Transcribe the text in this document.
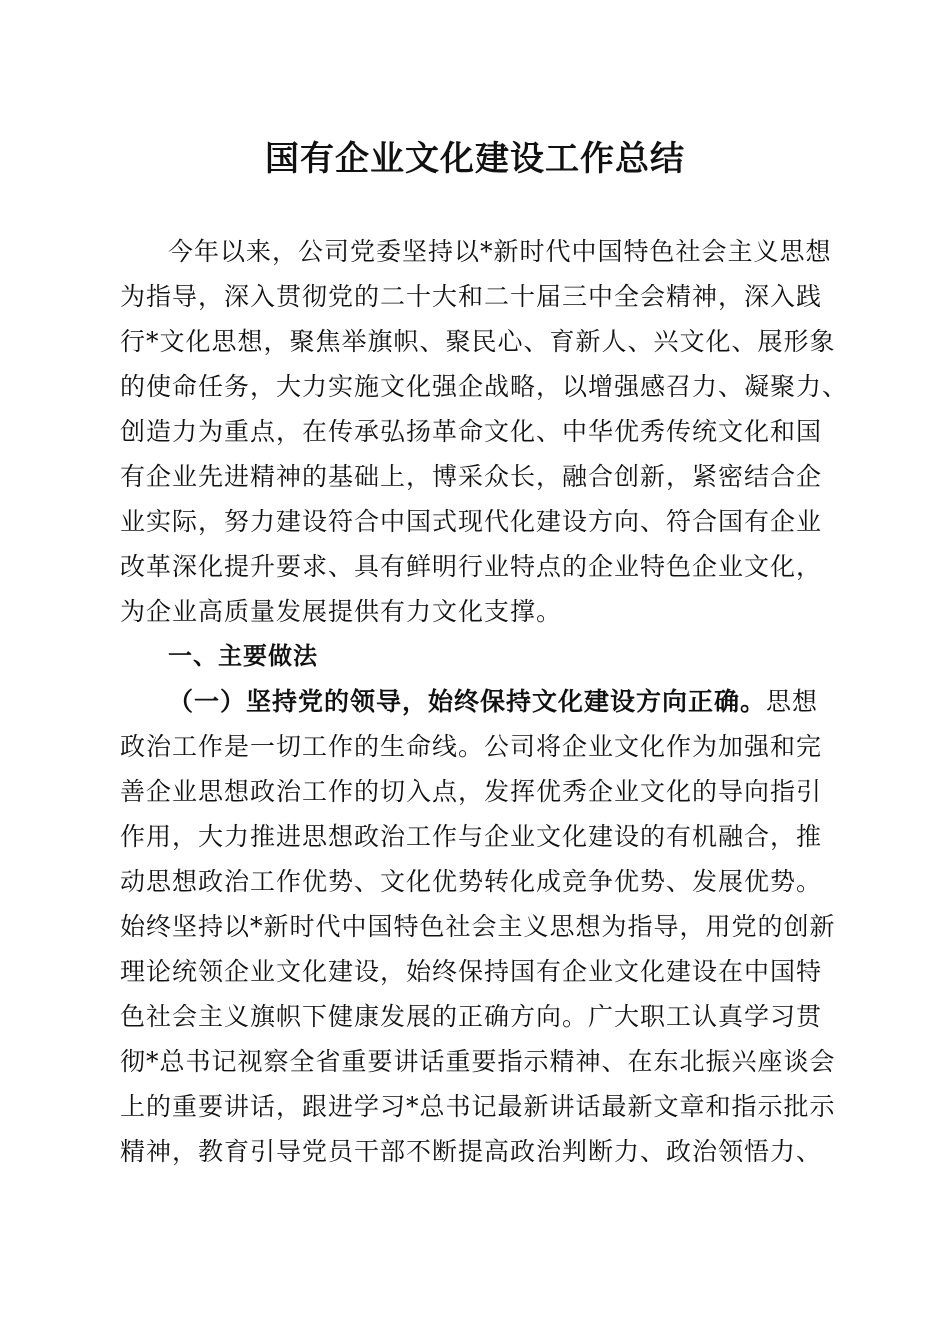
国有企业文化建设工作总结
今年以来，公司党委坚持以*新时代中国特色社会主义思想
为指导，深入贯彻党的二十大和二十届三中全会精神，深入践
行*文化思想，聚焦举旗帜、聚民心、育新人、兴文化、展形象
的使命任务，大力实施文化强企战略，以增强感召力、凝聚力、
创造力为重点，在传承弘扬革命文化、中华优秀传统文化和国
有企业先进精神的基础上，博采众长，融合创新，紧密结合企
业实际，努力建设符合中国式现代化建设方向、符合国有企业
改革深化提升要求、具有鲜明行业特点的企业特色企业文化，
为企业高质量发展提供有力文化支撑。
一、主要做法
（一）坚持党的领导，始终保持文化建设方向正确。思想
政治工作是一切工作的生命线。公司将企业文化作为加强和完
善企业思想政治工作的切入点，发挥优秀企业文化的导向指引
作用，大力推进思想政治工作与企业文化建设的有机融合，推
动思想政治工作优势、文化优势转化成竞争优势、发展优势。
始终坚持以*新时代中国特色社会主义思想为指导，用党的创新
理论统领企业文化建设，始终保持国有企业文化建设在中国特
色社会主义旗帜下健康发展的正确方向。广大职工认真学习贯
彻*总书记视察全省重要讲话重要指示精神、在东北振兴座谈会
上的重要讲话，跟进学习*总书记最新讲话最新文章和指示批示
精神，教育引导党员干部不断提高政治判断力、政治领悟力、
